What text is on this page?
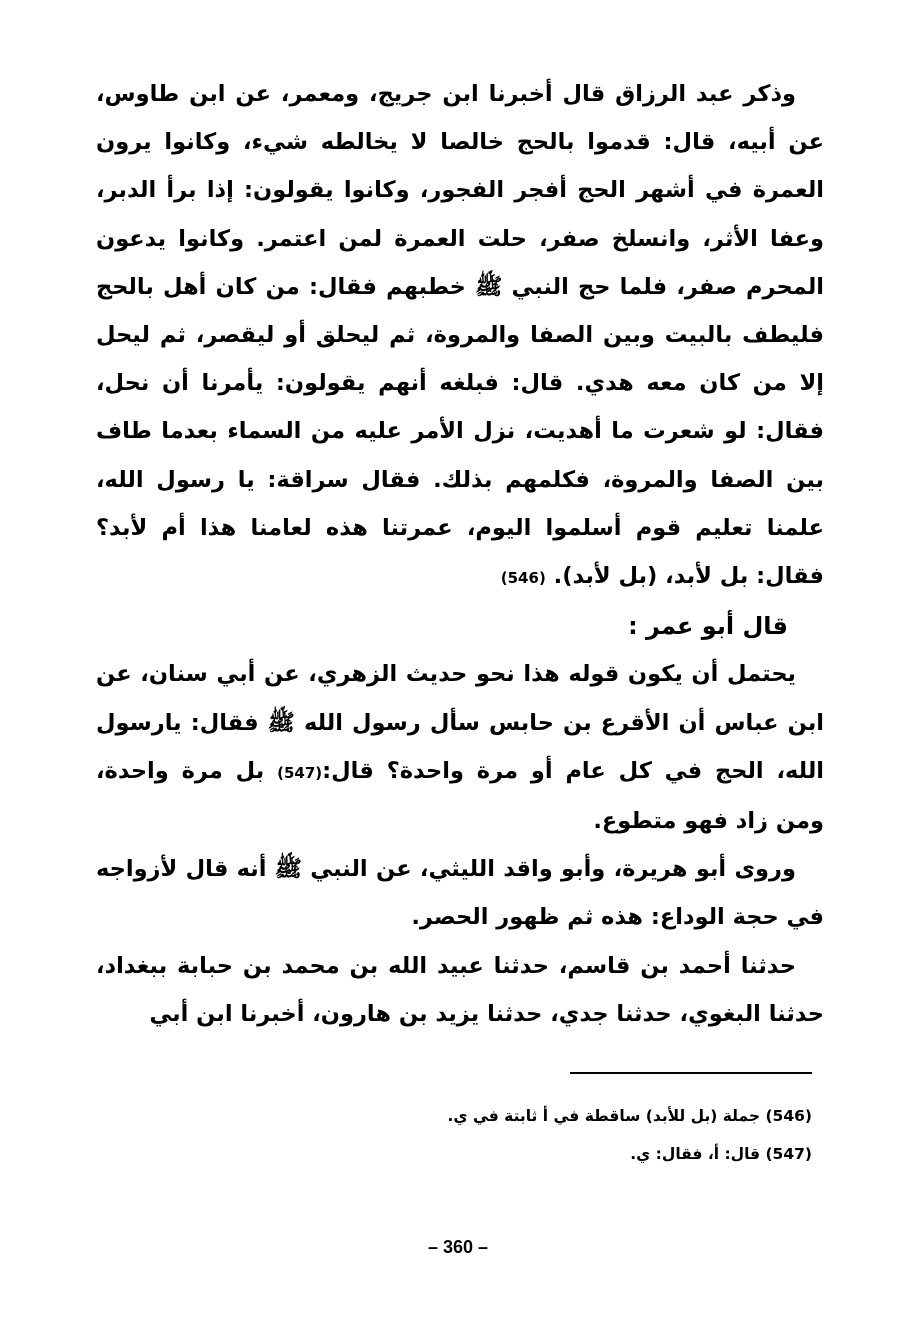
وذكر عبد الرزاق قال أخبرنا ابن جريج، ومعمر، عن ابن طاوس، عن أبيه، قال: قدموا بالحج خالصا لا يخالطه شيء، وكانوا يرون العمرة في أشهر الحج أفجر الفجور، وكانوا يقولون: إذا برأ الدبر، وعفا الأثر، وانسلخ صفر، حلت العمرة لمن اعتمر. وكانوا يدعون المحرم صفر، فلما حج النبي ﷺ خطبهم فقال: من كان أهل بالحج فليطف بالبيت وبين الصفا والمروة، ثم ليحلق أو ليقصر، ثم ليحل إلا من كان معه هدي. قال: فبلغه أنهم يقولون: يأمرنا أن نحل، فقال: لو شعرت ما أهديت، نزل الأمر عليه من السماء بعدما طاف بين الصفا والمروة، فكلمهم بذلك. فقال سراقة: يا رسول الله، علمنا تعليم قوم أسلموا اليوم، عمرتنا هذه لعامنا هذا أم لأبد؟ فقال: بل لأبد، (بل لأبد). (546)

قال أبو عمر :

يحتمل أن يكون قوله هذا نحو حديث الزهري، عن أبي سنان، عن ابن عباس أن الأقرع بن حابس سأل رسول الله ﷺ فقال: يارسول الله، الحج في كل عام أو مرة واحدة؟ قال:(547) بل مرة واحدة، ومن زاد فهو متطوع.

وروى أبو هريرة، وأبو واقد الليثي، عن النبي ﷺ أنه قال لأزواجه في حجة الوداع: هذه ثم ظهور الحصر.

حدثنا أحمد بن قاسم، حدثنا عبيد الله بن محمد بن حبابة ببغداد، حدثنا البغوي، حدثنا جدي، حدثنا يزيد بن هارون، أخبرنا ابن أبي

(546) جملة (بل للأبد) ساقطة في أ ثابتة في ي.

(547) قال: أ، فقال: ي.

– 360 –
